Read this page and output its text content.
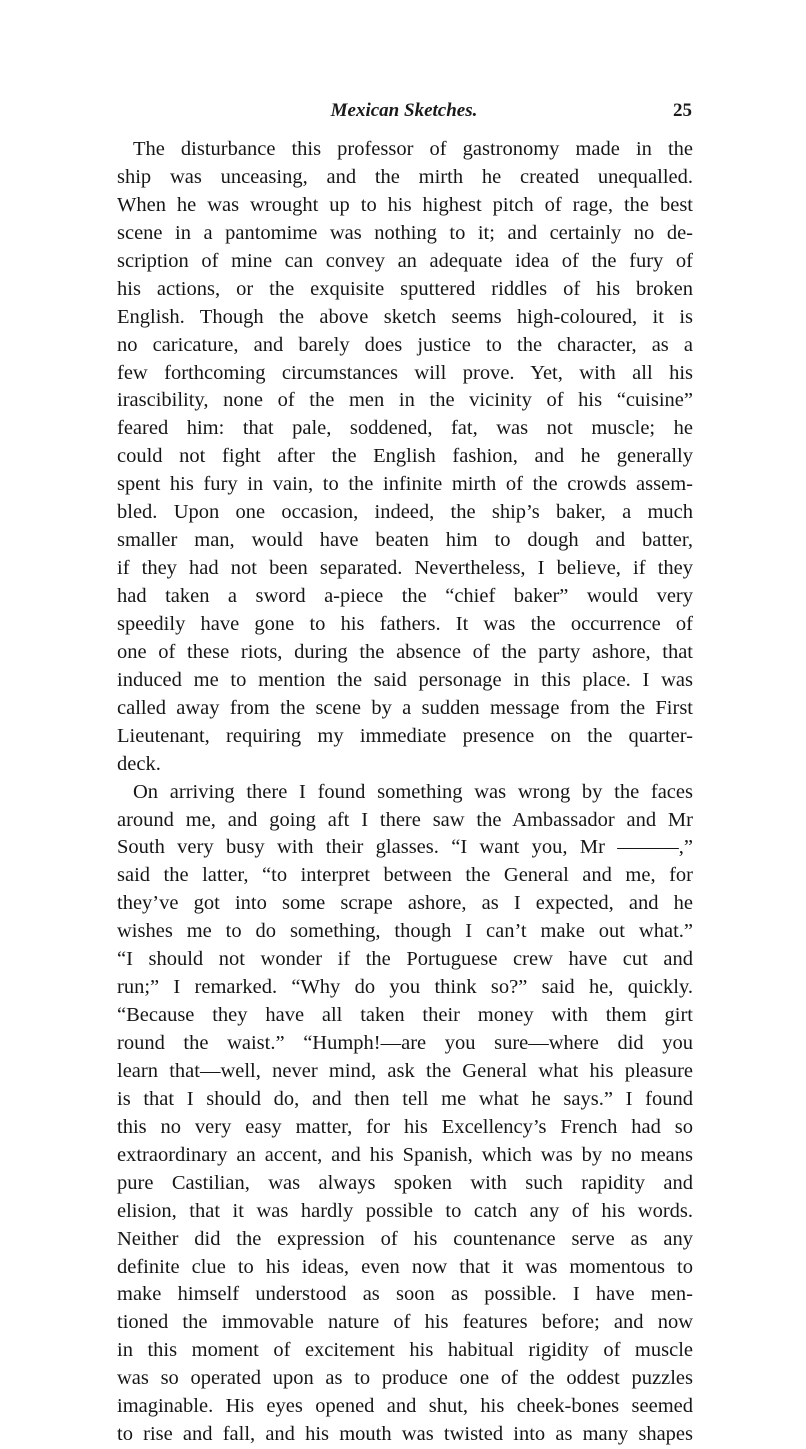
Mexican Sketches.	25
The disturbance this professor of gastronomy made in the
ship was unceasing, and the mirth he created unequalled.
When he was wrought up to his highest pitch of rage, the best
scene in a pantomime was nothing to it; and certainly no de-
scription of mine can convey an adequate idea of the fury of
his actions, or the exquisite sputtered riddles of his broken
English. Though the above sketch seems high-coloured, it is
no caricature, and barely does justice to the character, as a
few forthcoming circumstances will prove. Yet, with all his
irascibility, none of the men in the vicinity of his “cuisine”
feared him: that pale, soddened, fat, was not muscle; he
could not fight after the English fashion, and he generally
spent his fury in vain, to the infinite mirth of the crowds assem-
bled. Upon one occasion, indeed, the ship’s baker, a much
smaller man, would have beaten him to dough and batter,
if they had not been separated. Nevertheless, I believe, if they
had taken a sword a-piece the “chief baker” would very
speedily have gone to his fathers. It was the occurrence of
one of these riots, during the absence of the party ashore, that
induced me to mention the said personage in this place. I was
called away from the scene by a sudden message from the First
Lieutenant, requiring my immediate presence on the quarter-
deck.
On arriving there I found something was wrong by the faces
around me, and going aft I there saw the Ambassador and Mr
South very busy with their glasses. “I want you, Mr ———,”
said the latter, “to interpret between the General and me, for
they’ve got into some scrape ashore, as I expected, and he
wishes me to do something, though I can’t make out what.”
“I should not wonder if the Portuguese crew have cut and
run;” I remarked. “Why do you think so?” said he, quickly.
“Because they have all taken their money with them girt
round the waist.” “Humph!—are you sure—where did you
learn that—well, never mind, ask the General what his pleasure
is that I should do, and then tell me what he says.” I found
this no very easy matter, for his Excellency’s French had so
extraordinary an accent, and his Spanish, which was by no means
pure Castilian, was always spoken with such rapidity and
elision, that it was hardly possible to catch any of his words.
Neither did the expression of his countenance serve as any
definite clue to his ideas, even now that it was momentous to
make himself understood as soon as possible. I have men-
tioned the immovable nature of his features before; and now
in this moment of excitement his habitual rigidity of muscle
was so operated upon as to produce one of the oddest puzzles
imaginable. His eyes opened and shut, his cheek-bones seemed
to rise and fall, and his mouth was twisted into as many shapes
